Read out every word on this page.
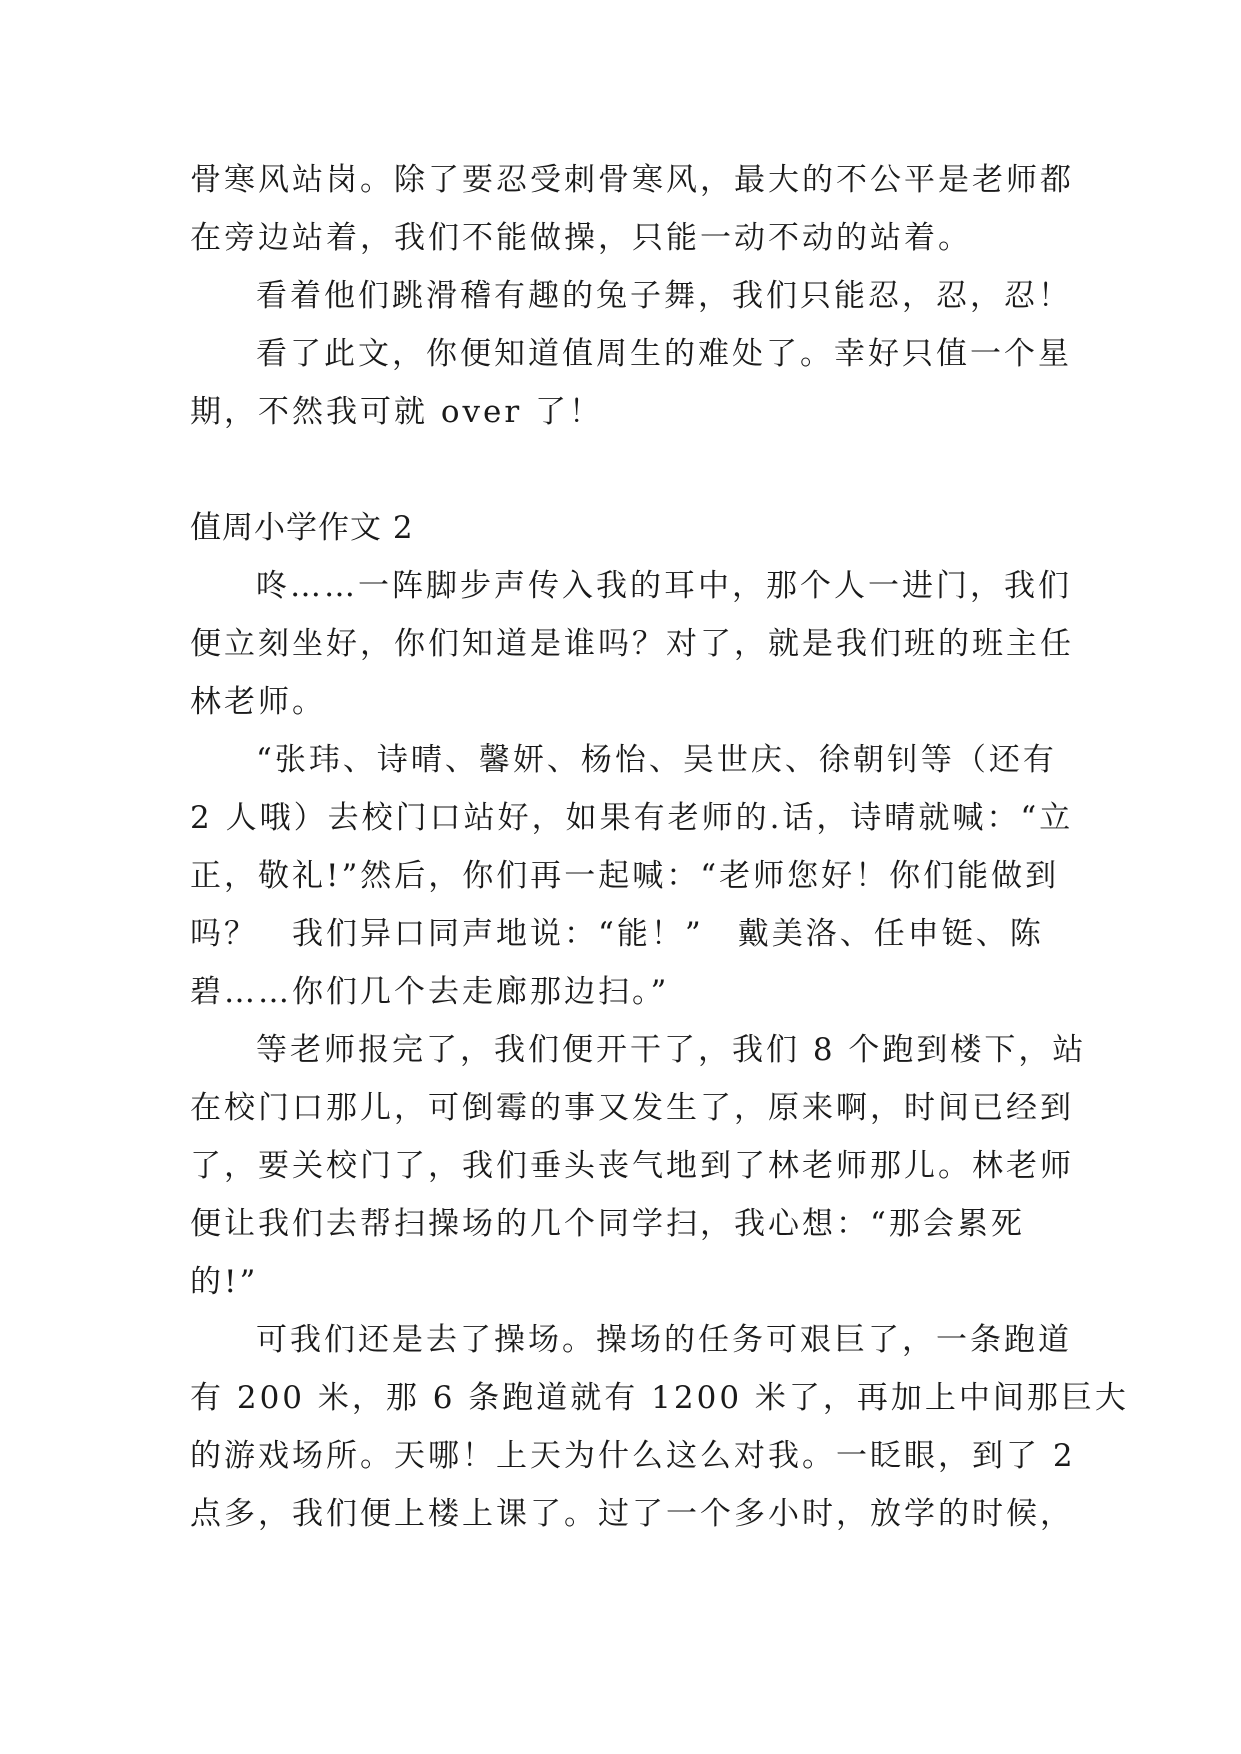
骨寒风站岗。除了要忍受刺骨寒风，最大的不公平是老师都
在旁边站着，我们不能做操，只能一动不动的站着。
看着他们跳滑稽有趣的兔子舞，我们只能忍，忍，忍！
看了此文，你便知道值周生的难处了。幸好只值一个星
期，不然我可就 over 了！
值周小学作文 2
咚……一阵脚步声传入我的耳中，那个人一进门，我们
便立刻坐好，你们知道是谁吗？对了，就是我们班的班主任
林老师。
“张玮、诗晴、馨妍、杨怡、吴世庆、徐朝钊等（还有
2 人哦）去校门口站好，如果有老师的.话，诗晴就喊：“立
正，敬礼!”然后，你们再一起喊：“老师您好！你们能做到
吗？　我们异口同声地说：“能！”　戴美洛、任申铤、陈
碧……你们几个去走廊那边扫。”
等老师报完了，我们便开干了，我们 8 个跑到楼下，站
在校门口那儿，可倒霉的事又发生了，原来啊，时间已经到
了，要关校门了，我们垂头丧气地到了林老师那儿。林老师
便让我们去帮扫操场的几个同学扫，我心想：“那会累死
的!”
可我们还是去了操场。操场的任务可艰巨了，一条跑道
有 200 米，那 6 条跑道就有 1200 米了，再加上中间那巨大
的游戏场所。天哪！上天为什么这么对我。一眨眼，到了 2
点多，我们便上楼上课了。过了一个多小时，放学的时候，
